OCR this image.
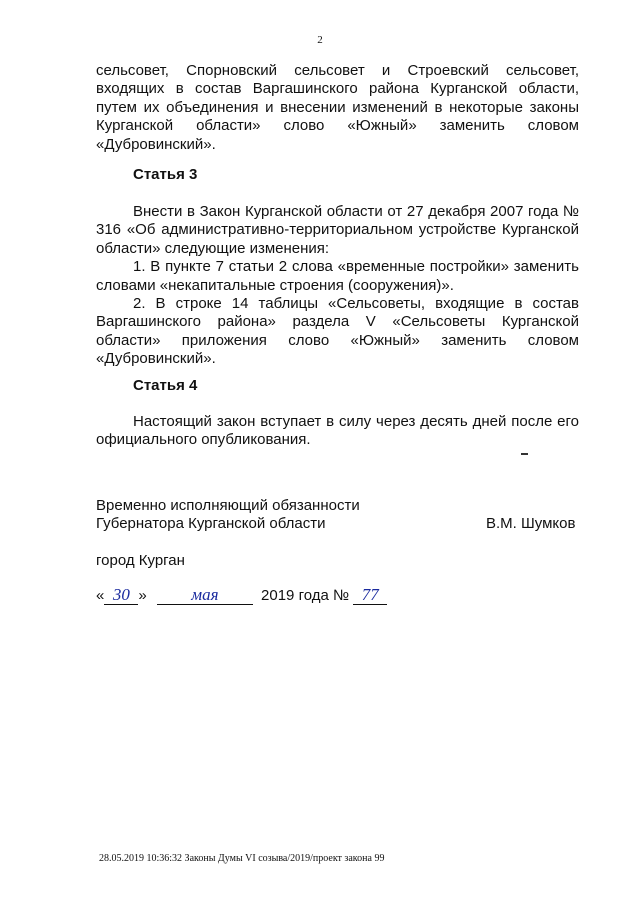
2

сельсовет, Спорновский сельсовет и Строевский сельсовет,

входящих в состав Варгашинского района Курганской области, путем их объединения и внесении изменений в некоторые законы Курганской области» слово «Южный» заменить словом «Дубровинский».

Статья 3

Внести в Закон Курганской области от 27 декабря 2007 года № 316 «Об административно-территориальном устройстве Курганской области» следующие изменения:

1. В пункте 7 статьи 2 слова «временные постройки» заменить словами «некапитальные строения (сооружения)».

2. В строке 14 таблицы «Сельсоветы, входящие в состав Варгашинского района» раздела V «Сельсоветы Курганской области» приложения слово «Южный» заменить словом «Дубровинский».

Статья 4

Настоящий закон вступает в силу через десять дней после его официального опубликования.

Временно исполняющий обязанности
Губернатора Курганской области	В.М. Шумков
город Курган
« 30 »	мая	2019 года № 77
28.05.2019 10:36:32 Законы Думы VI созыва/2019/проект закона 99
